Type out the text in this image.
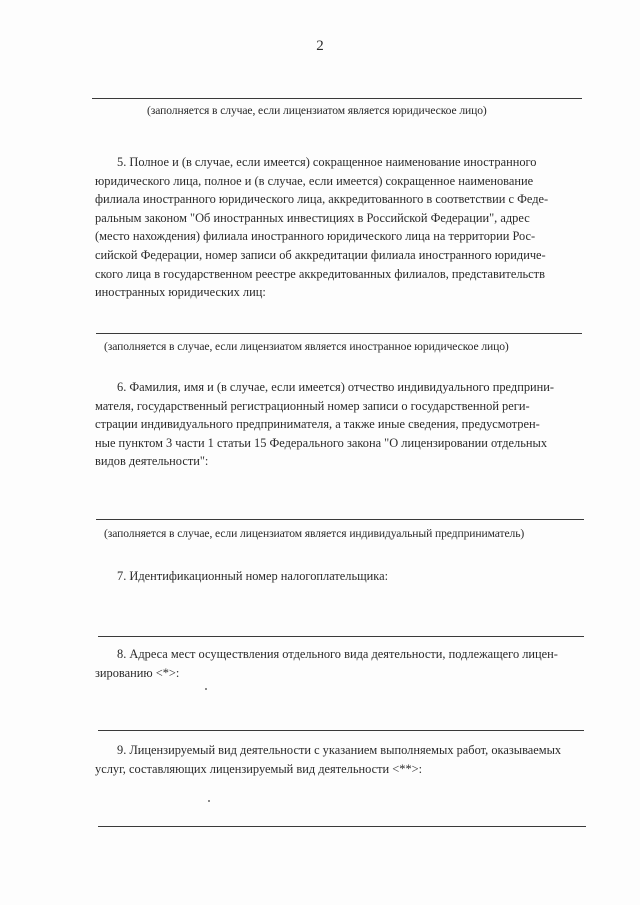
2
(заполняется в случае, если лицензиатом является юридическое лицо)
5. Полное и (в случае, если имеется) сокращенное наименование иностранного
юридического лица, полное и (в случае, если имеется) сокращенное наименование
филиала иностранного юридического лица, аккредитованного в соответствии с Феде-
ральным законом "Об иностранных инвестициях в Российской Федерации", адрес
(место нахождения) филиала иностранного юридического лица на территории Рос-
сийской Федерации, номер записи об аккредитации филиала иностранного юридиче-
ского лица в государственном реестре аккредитованных филиалов, представительств
иностранных юридических лиц:
(заполняется в случае, если лицензиатом является иностранное юридическое лицо)
6. Фамилия, имя и (в случае, если имеется) отчество индивидуального предприни-
мателя, государственный регистрационный номер записи о государственной реги-
страции индивидуального предпринимателя, а также иные сведения, предусмотрен-
ные пунктом 3 части 1 статьи 15 Федерального закона "О лицензировании отдельных
видов деятельности":
(заполняется в случае, если лицензиатом является индивидуальный предприниматель)
7. Идентификационный номер налогоплательщика:
8. Адреса мест осуществления отдельного вида деятельности, подлежащего лицен-
зированию <*>:
9. Лицензируемый вид деятельности с указанием выполняемых работ, оказываемых
услуг, составляющих лицензируемый вид деятельности <**>:
